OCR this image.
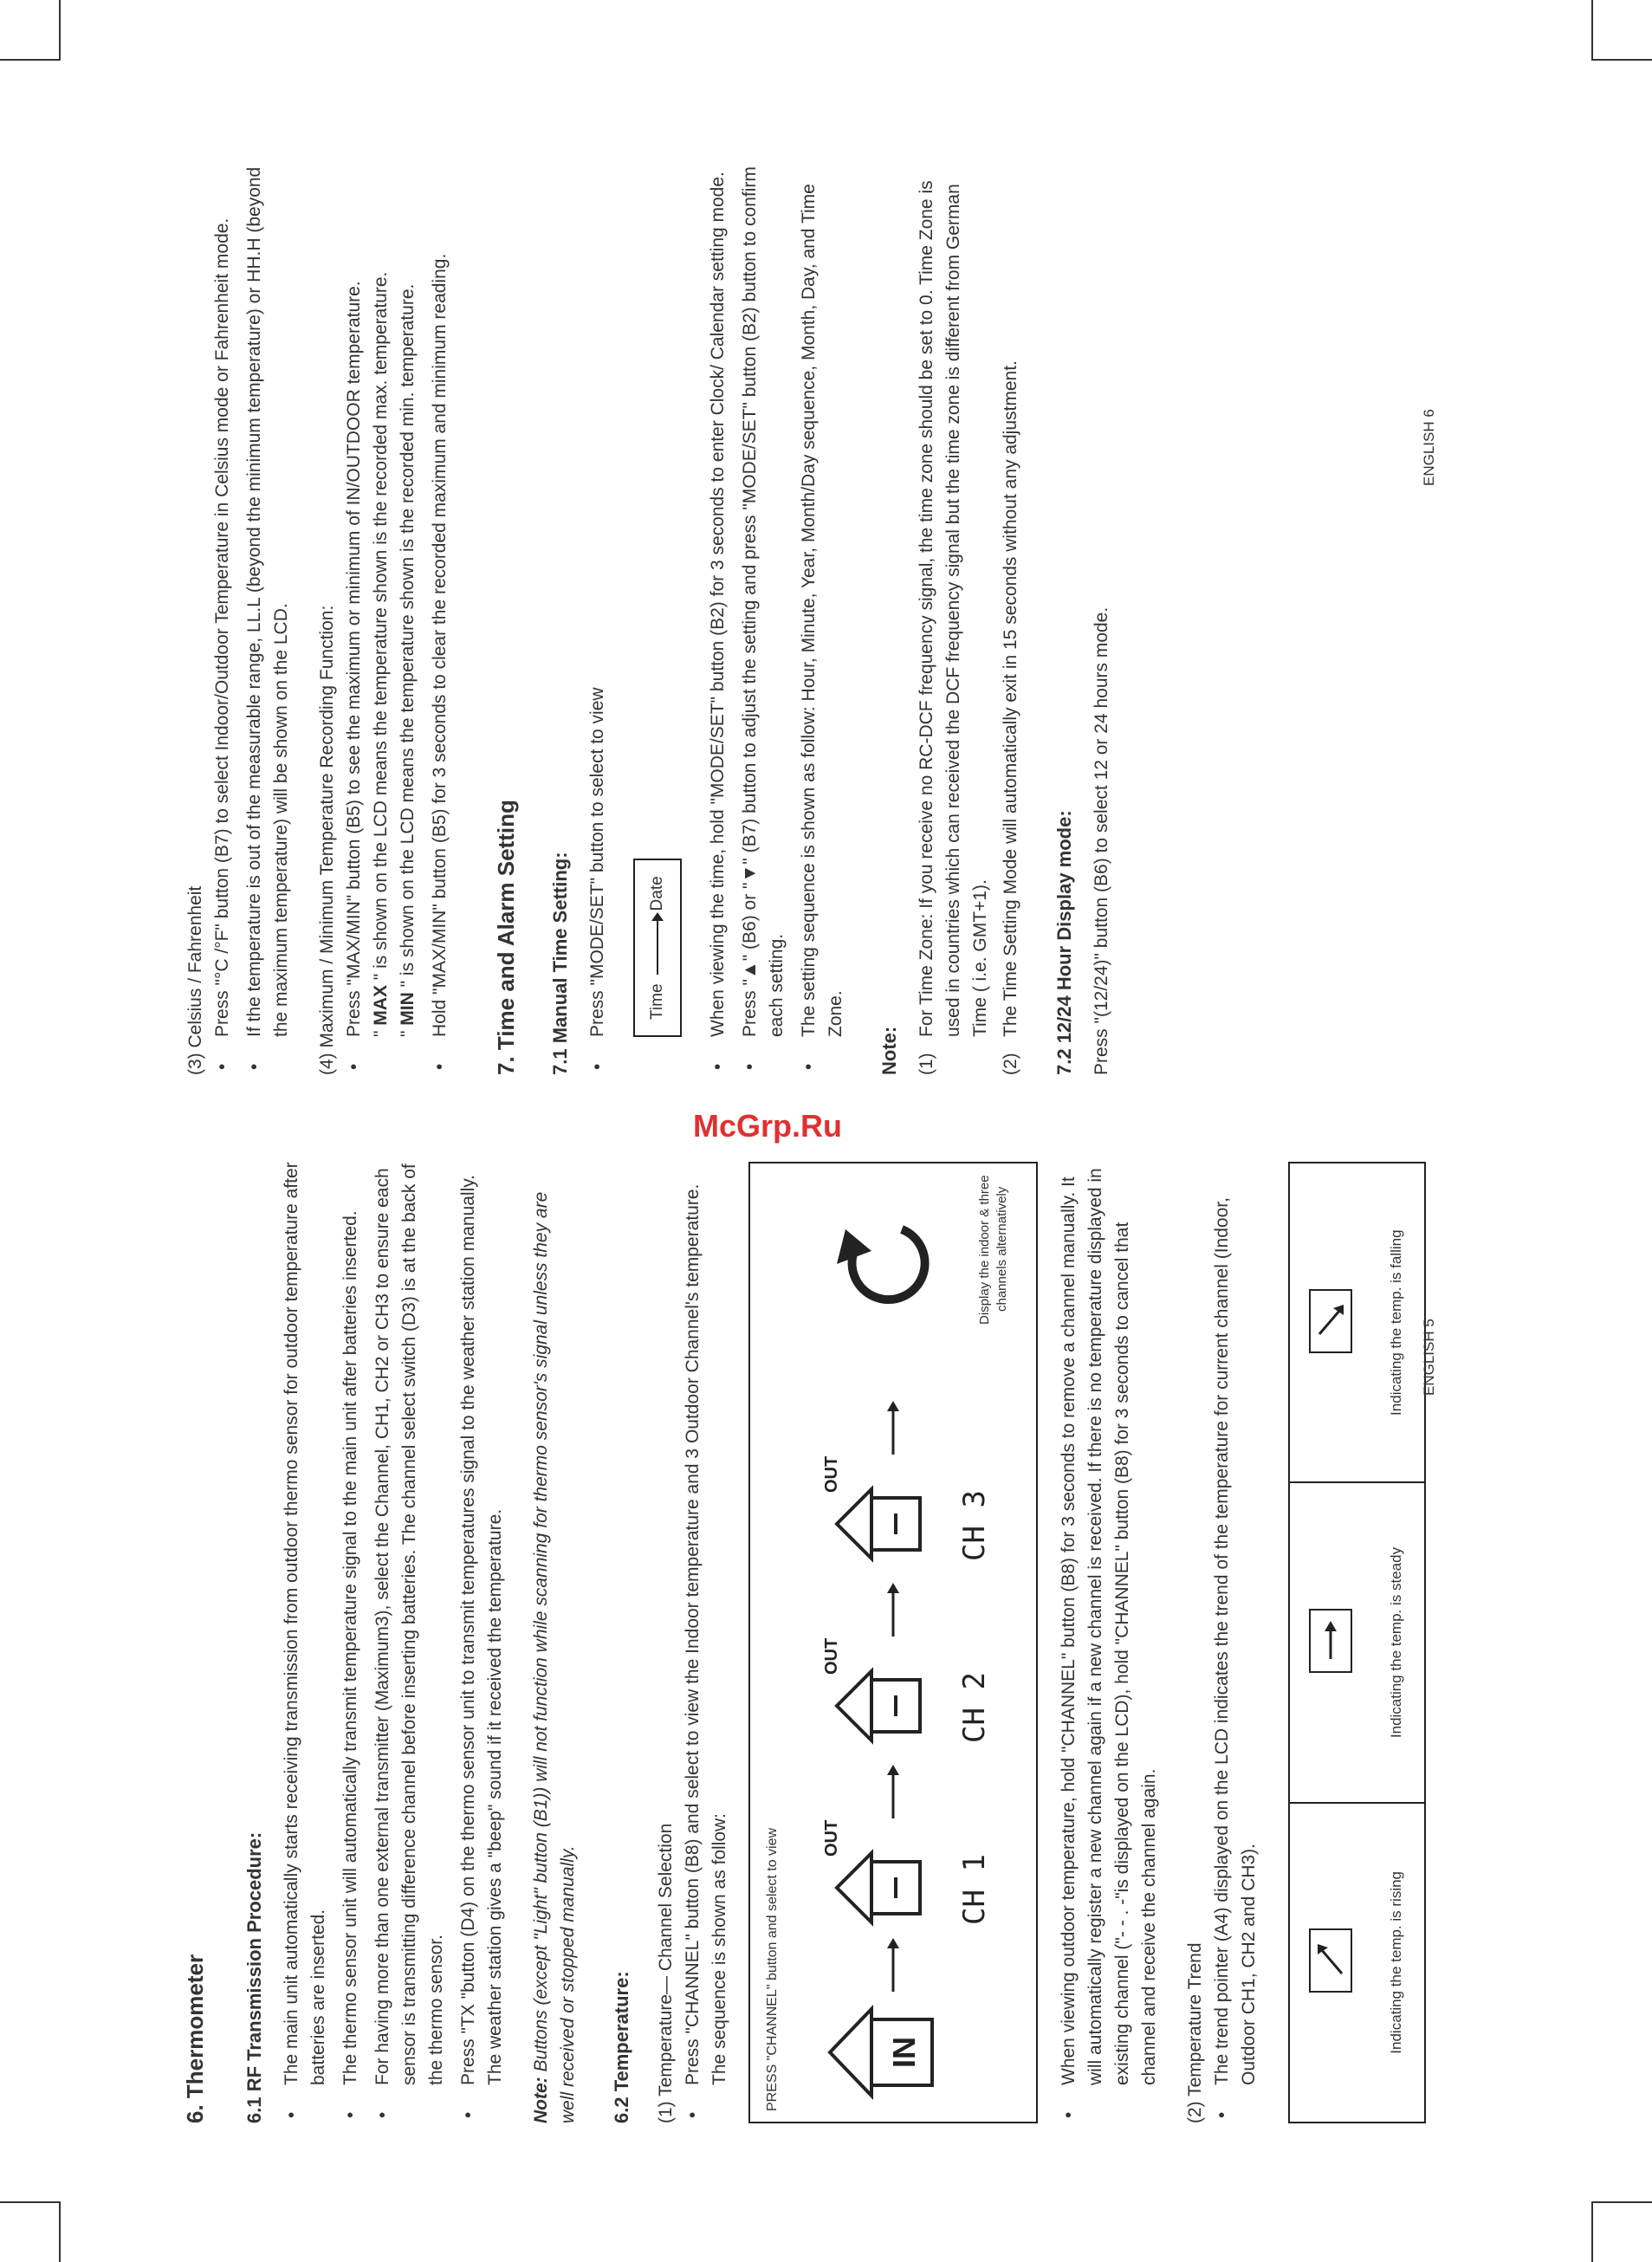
6. Thermometer 6.1 RF Transmission Procedure: • The main unit automatically starts receiving transmission from outdoor thermo sensor for outdoor temperature after batteries are inserted. • The thermo sensor unit will automatically transmit temperature signal to the main unit after batteries inserted. • For having more than one external transmitter (Maximum3), select the Channel, CH1, CH2 or CH3 to ensure each sensor is transmitting difference channel before inserting batteries. The channel select switch (D3) is at the back of the thermo sensor. • Press "TX "button (D4) on the thermo sensor unit to transmit temperatures signal to the weather station manually. The weather station gives a "beep" sound if it received the temperature.

Note: Buttons (except "Light" button (B1)) will not function while scanning for thermo sensor's signal unless they are well received or stopped manually. 6.2 Temperature: (1) Temperature— Channel Selection • Press "CHANNEL" button (B8) and select to view the Indoor temperature and 3 Outdoor Channel's temperature. The sequence is shown as follow:	PRESS "CHANNEL" button and select to view	IN
OUT
CH 1
OUT
CH 2
OUT
CH 3
Display the indoor & three channels alternatively	• When viewing outdoor temperature, hold "CHANNEL" button (B8) for 3 seconds to remove a channel manually. It will automatically register a new channel again if a new channel is received. If there is no temperature displayed in existing channel ("- - . -"is displayed on the LCD), hold "CHANNEL" button (B8) for 3 seconds to cancel that channel and receive the channel again. (2) Temperature Trend • The trend pointer (A4) displayed on the LCD indicates the trend of the temperature for current channel (Indoor, Outdoor CH1, CH2 and CH3).	Indicating the temp. is rising
Indicating the temp. is steady
Indicating the temp. is falling ENGLISH 5

(3) Celsius / Fahrenheit • Press "°C /°F" button (B7) to select Indoor/Outdoor Temperature in Celsius mode or Fahrenheit mode. • If the temperature is out of the measurable range, LL.L (beyond the minimum temperature) or HH.H (beyond the maximum temperature) will be shown on the LCD. (4) Maximum / Minimum Temperature Recording Function: • Press "MAX/MIN" button (B5) to see the maximum or minimum of IN/OUTDOOR temperature.
" MAX " is shown on the LCD means the temperature shown is the recorded max. temperature.
" MIN " is shown on the LCD means the temperature shown is the recorded min. temperature. • Hold "MAX/MIN" button (B5) for 3 seconds to clear the recorded maximum and minimum reading. 7. Time and Alarm Setting 7.1 Manual Time Setting: • Press "MODE/SET" button to select to view Time
Date • When viewing the time, hold "MODE/SET" button (B2) for 3 seconds to enter Clock/ Calendar setting mode. • Press "▲" (B6) or "▼" (B7) button to adjust the setting and press "MODE/SET" button (B2) button to confirm each setting. • The setting sequence is shown as follow: Hour, Minute, Year, Month/Day sequence, Month, Day, and Time Zone.
Note: (1)
For Time Zone: If you receive no RC-DCF frequency signal, the time zone should be set to 0. Time Zone is used in countries which can received the DCF frequency signal but the time zone is different from German Time ( i.e. GMT+1).
(2)
The Time Setting Mode will automatically exit in 15 seconds without any adjustment. 7.2 12/24 Hour Display mode: Press "(12/24)" button (B6) to select 12 or 24 hours mode.

ENGLISH 6
McGrp.Ru
